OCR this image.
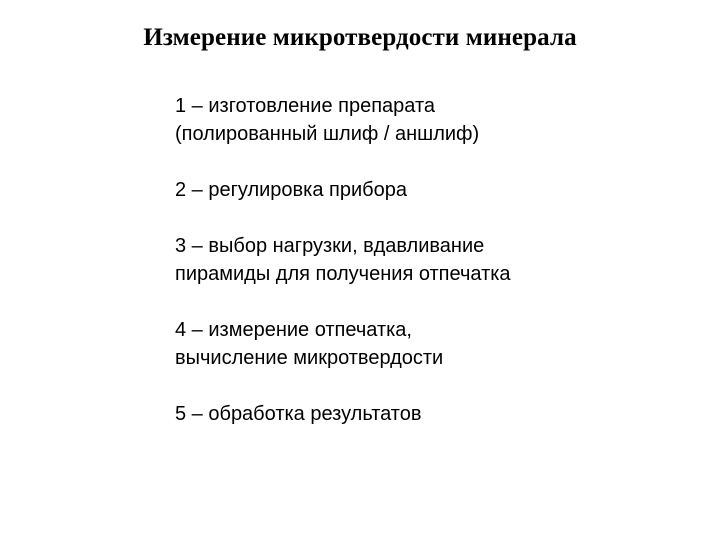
Измерение микротвердости минерала
1 – изготовление препарата
(полированный шлиф / аншлиф)
2 – регулировка прибора
3 – выбор нагрузки, вдавливание
пирамиды для получения отпечатка
4 – измерение отпечатка,
вычисление микротвердости
5 – обработка результатов
